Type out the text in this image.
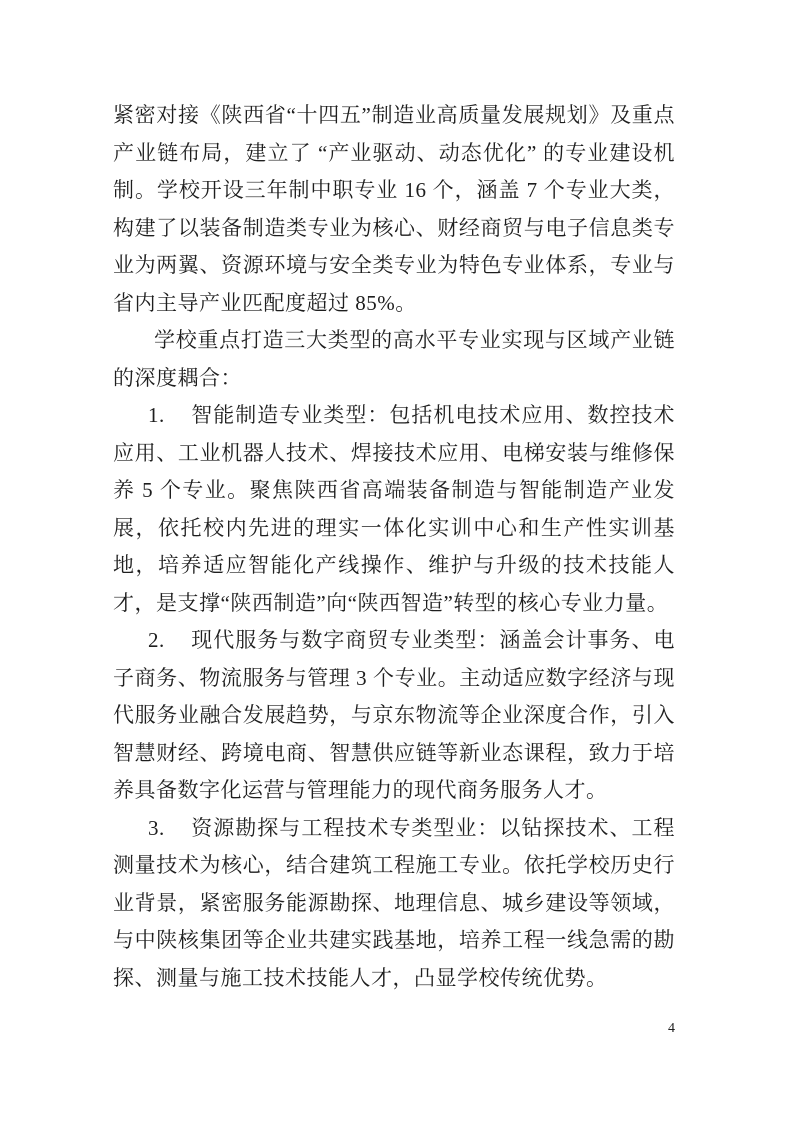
紧密对接《陕西省“十四五”制造业高质量发展规划》及重点产业链布局，建立了 “产业驱动、动态优化” 的专业建设机制。学校开设三年制中职专业 16 个，涵盖 7 个专业大类，构建了以装备制造类专业为核心、财经商贸与电子信息类专业为两翼、资源环境与安全类专业为特色专业体系，专业与省内主导产业匹配度超过 85%。

学校重点打造三大类型的高水平专业实现与区域产业链的深度耦合：

1. 智能制造专业类型：包括机电技术应用、数控技术应用、工业机器人技术、焊接技术应用、电梯安装与维修保养 5 个专业。聚焦陕西省高端装备制造与智能制造产业发展，依托校内先进的理实一体化实训中心和生产性实训基地，培养适应智能化产线操作、维护与升级的技术技能人才，是支撑“陕西制造”向“陕西智造”转型的核心专业力量。

2. 现代服务与数字商贸专业类型：涵盖会计事务、电子商务、物流服务与管理 3 个专业。主动适应数字经济与现代服务业融合发展趋势，与京东物流等企业深度合作，引入智慧财经、跨境电商、智慧供应链等新业态课程，致力于培养具备数字化运营与管理能力的现代商务服务人才。

3. 资源勘探与工程技术专类型业：以钻探技术、工程测量技术为核心，结合建筑工程施工专业。依托学校历史行业背景，紧密服务能源勘探、地理信息、城乡建设等领域，与中陕核集团等企业共建实践基地，培养工程一线急需的勘探、测量与施工技术技能人才，凸显学校传统优势。

4
